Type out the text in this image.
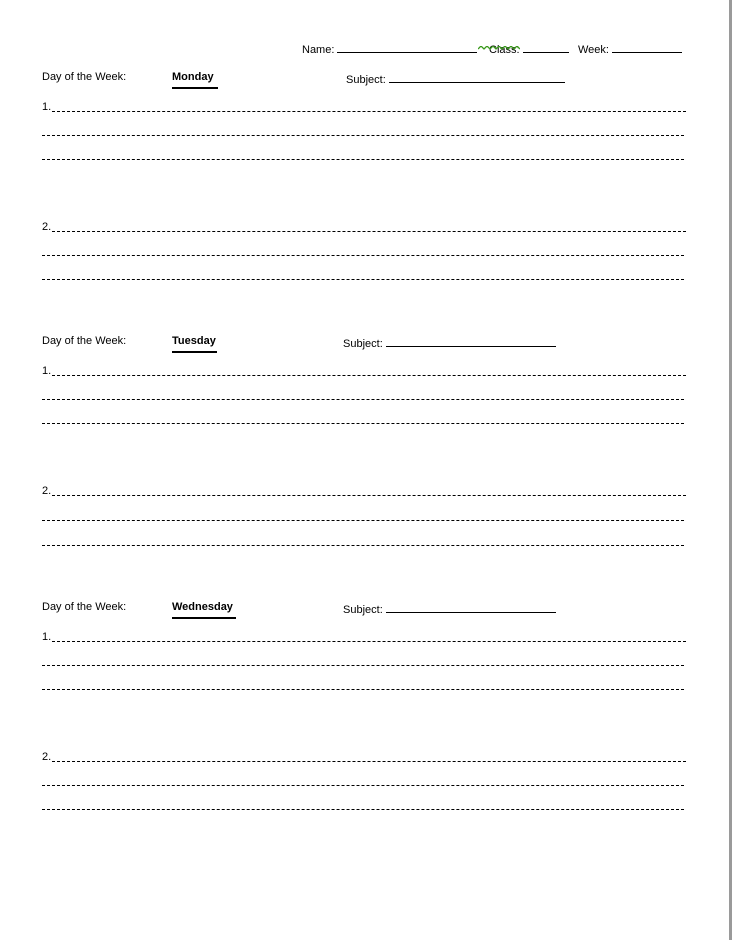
Name:	Class:	Week:
Day of the Week:	Monday	Subject:
1.
2.
Day of the Week:	Tuesday	Subject:
1.
2.
Day of the Week:	Wednesday	Subject:
1.
2.
